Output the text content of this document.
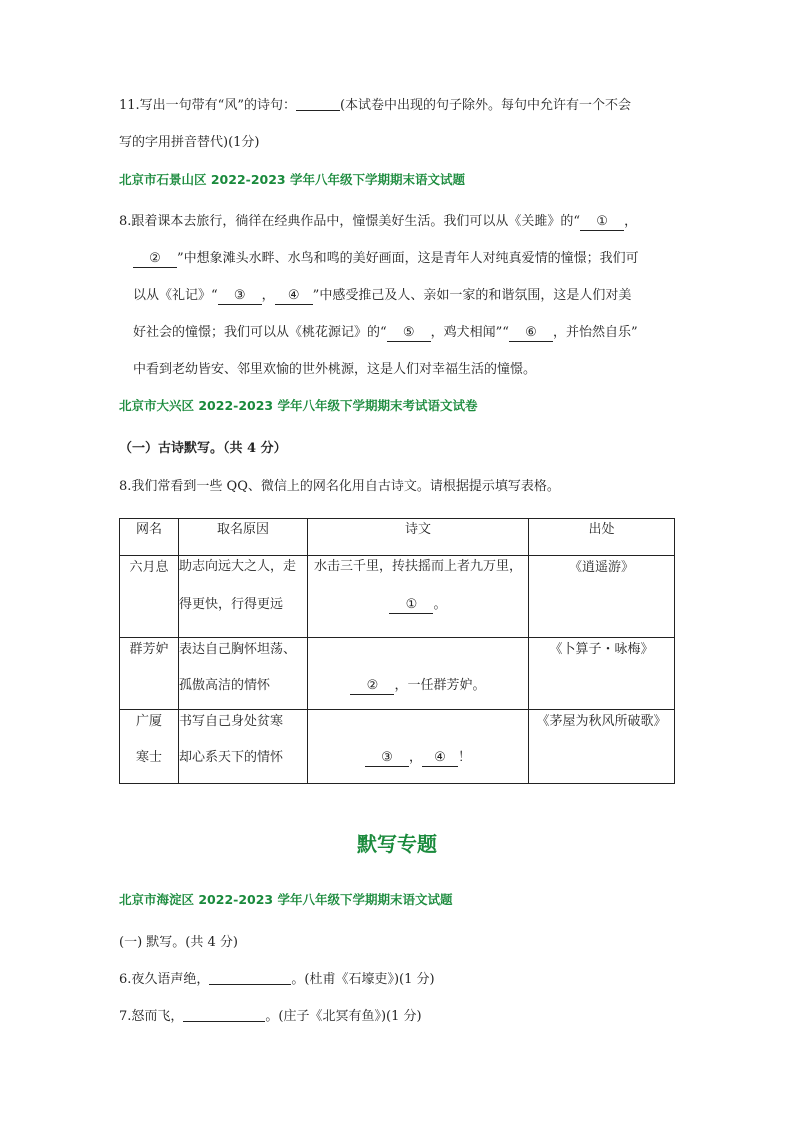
11.写出一句带有“风”的诗句：	(本试卷中出现的句子除外。每句中允许有一个不会
写的字用拼音替代)(1分)
北京市石景山区 2022-2023 学年八年级下学期期末语文试题
8.跟着课本去旅行，徜徉在经典作品中，憧憬美好生活。我们可以从《关雎》的“ ① ，
② ”中想象滩头水畔、水鸟和鸣的美好画面，这是青年人对纯真爱情的憧憬；我们可
以从《礼记》“ ③ ， ④ ”中感受推己及人、亲如一家的和谐氛围，这是人们对美
好社会的憧憬；我们可以从《桃花源记》的“ ⑤ ，鸡犬相闻”“ ⑥ ，并怡然自乐”
中看到老幼皆安、邻里欢愉的世外桃源，这是人们对幸福生活的憧憬。
北京市大兴区 2022-2023 学年八年级下学期期末考试语文试卷
（一）古诗默写。（共 4 分）
8.我们常看到一些 QQ、微信上的网名化用自古诗文。请根据提示填写表格。
网名	取名原因	诗文	出处

六月息	助志向远大之人，走
得更快，行得更远	水击三千里，抟扶摇而上者九万里，
① 。	《逍遥游》

群芳妒	表达自己胸怀坦荡、
孤傲高洁的情怀	② ，一任群芳妒。	《卜算子・咏梅》

广厦
寒士	书写自己身处贫寒
却心系天下的情怀	③ ， ④ ！	《茅屋为秋风所破歌》
默写专题
北京市海淀区 2022-2023 学年八年级下学期期末语文试题
(一) 默写。(共 4 分)
6.夜久语声绝，	。(杜甫《石壕吏》)(1 分)
7.怒而飞，	。(庄子《北冥有鱼》)(1 分)
